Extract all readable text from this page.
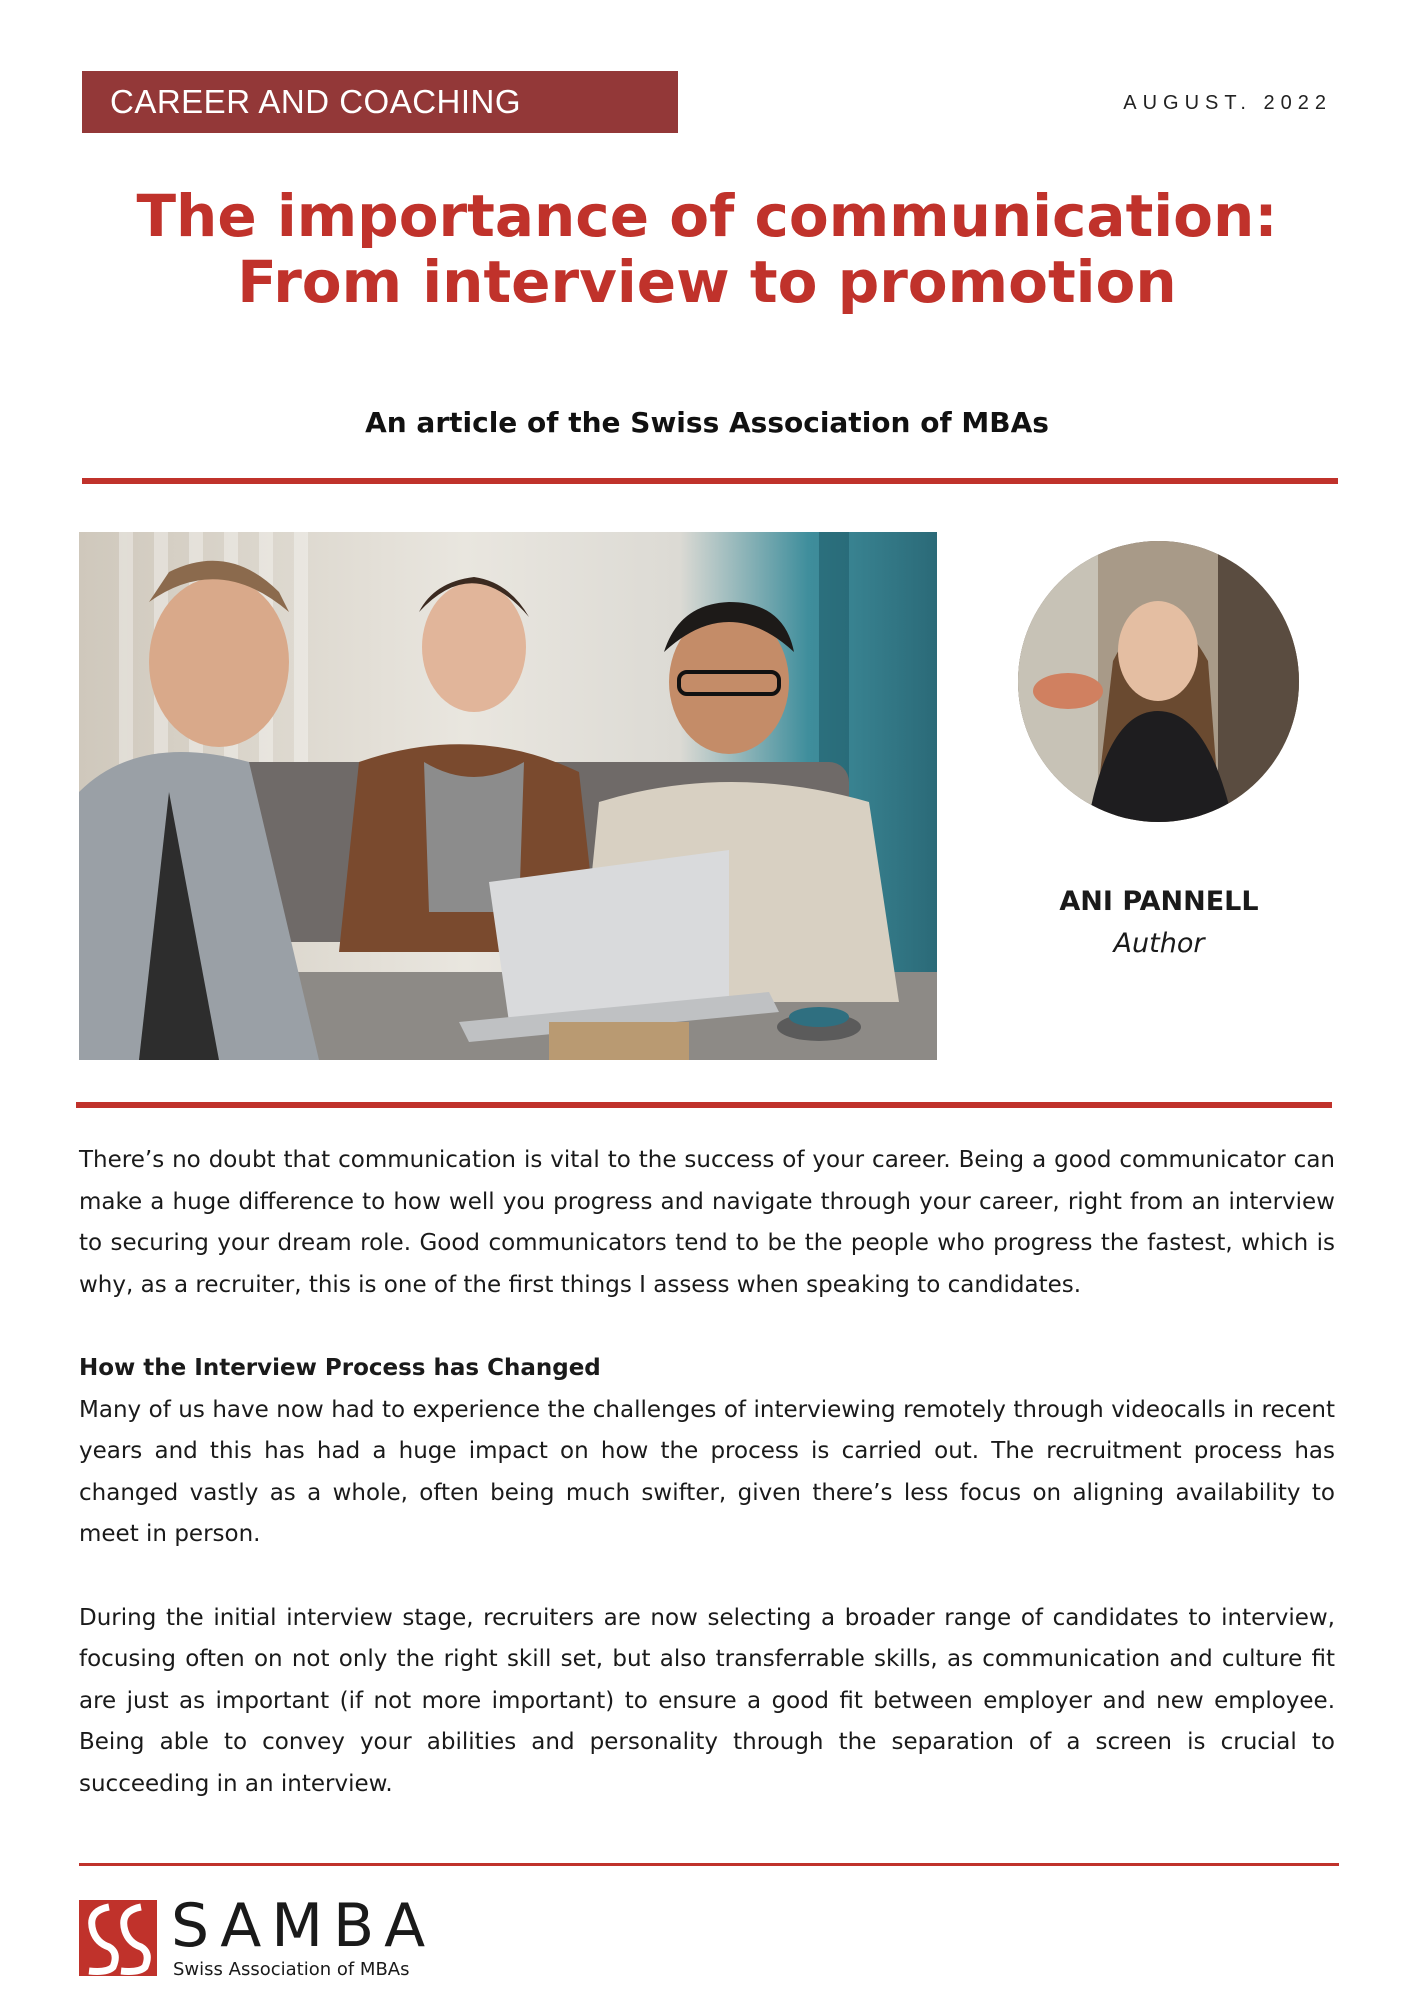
CAREER AND COACHING	AUGUST. 2022
The importance of communication:
From interview to promotion
An article of the Swiss Association of MBAs
ANI PANNELL
Author

There’s no doubt that communication is vital to the success of your career. Being a good communicator can make a huge difference to how well you progress and navigate through your career, right from an interview to securing your dream role. Good communicators tend to be the people who progress the fastest, which is why, as a recruiter, this is one of the first things I assess when speaking to candidates.

How the Interview Process has Changed

Many of us have now had to experience the challenges of interviewing remotely through videocalls in recent years and this has had a huge impact on how the process is carried out. The recruitment process has changed vastly as a whole, often being much swifter, given there’s less focus on aligning availability to meet in person.

During the initial interview stage, recruiters are now selecting a broader range of candidates to interview, focusing often on not only the right skill set, but also transferrable skills, as communication and culture fit are just as important (if not more important) to ensure a good fit between employer and new employee. Being able to convey your abilities and personality through the separation of a screen is crucial to succeeding in an interview.

SAMBA
Swiss Association of MBAs
